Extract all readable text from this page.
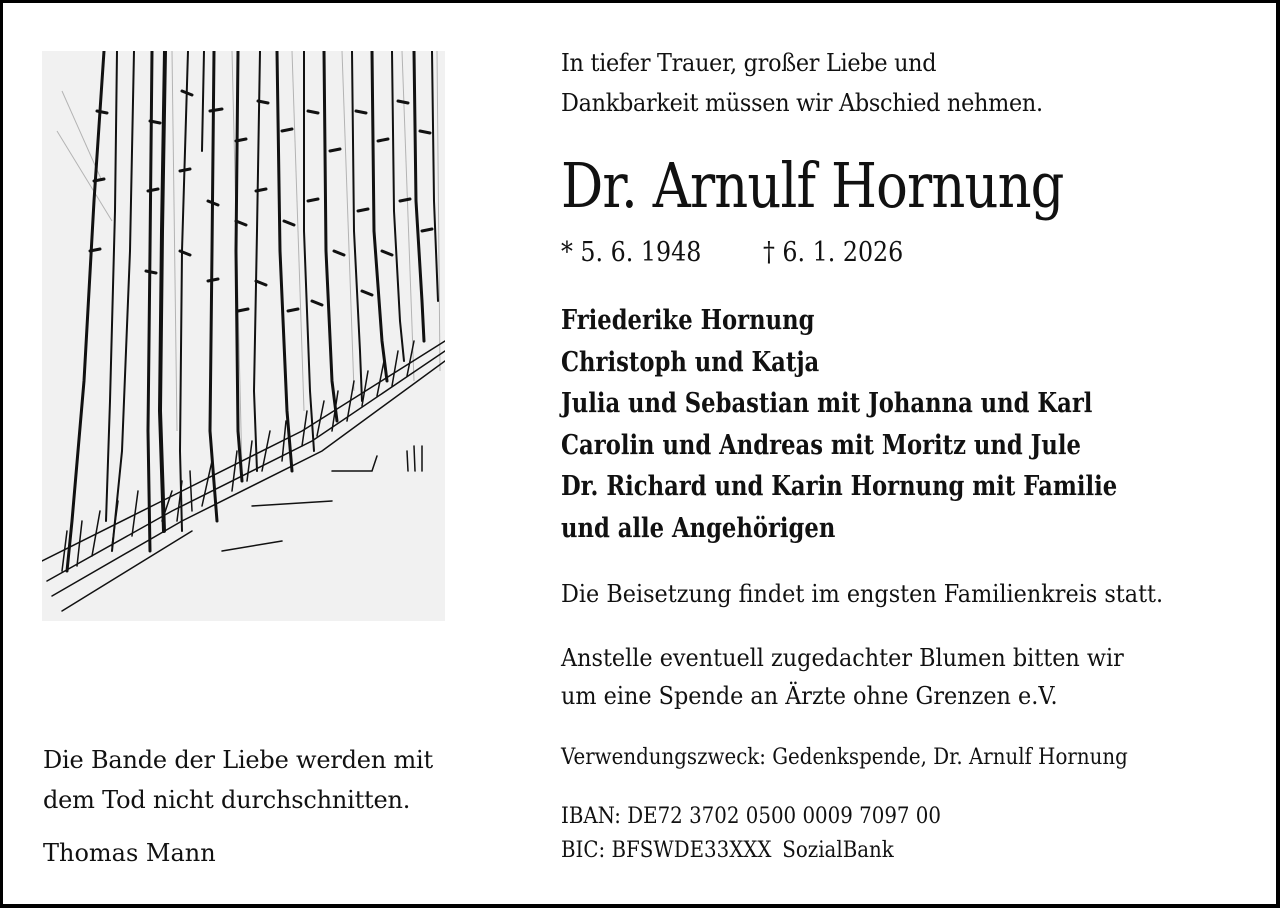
Die Bande der Liebe werden mit
dem Tod nicht durchschnitten.
Thomas Mann
In tiefer Trauer, großer Liebe und
Dankbarkeit müssen wir Abschied nehmen.
Dr. Arnulf Hornung
* 5. 6. 1948 † 6. 1. 2026
Friederike Hornung
Christoph und Katja
Julia und Sebastian mit Johanna und Karl
Carolin und Andreas mit Moritz und Jule
Dr. Richard und Karin Hornung mit Familie
und alle Angehörigen
Die Beisetzung findet im engsten Familienkreis statt.
Anstelle eventuell zugedachter Blumen bitten wir
um eine Spende an Ärzte ohne Grenzen e.V.
Verwendungszweck: Gedenkspende, Dr. Arnulf Hornung
IBAN: DE72 3702 0500 0009 7097 00
BIC: BFSWDE33XXX SozialBank
